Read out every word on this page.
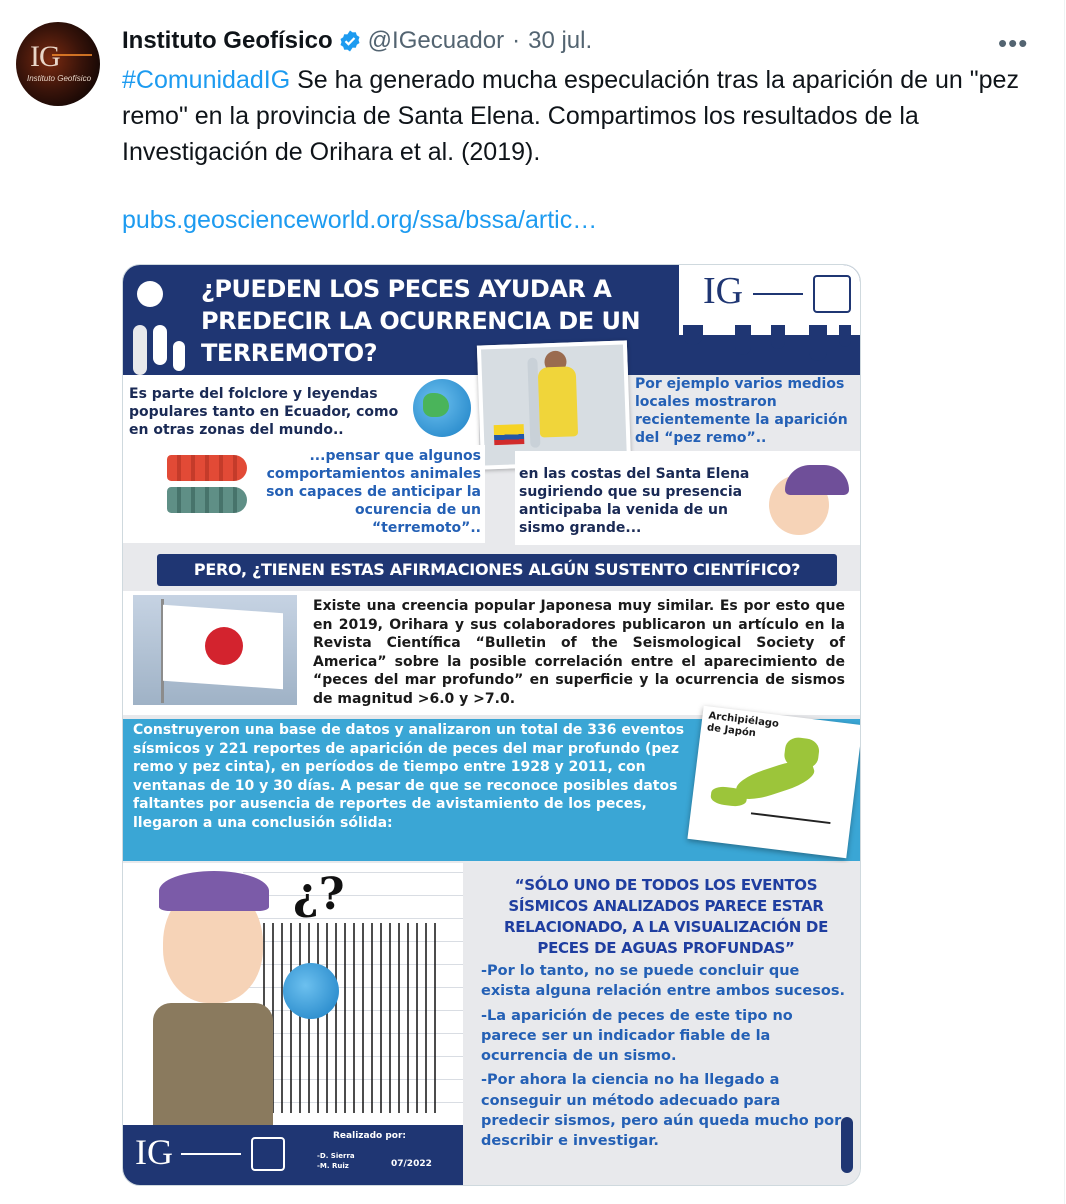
IG
Instituto Geofísico
Instituto Geofísico @IGecuador · 30 jul.	•••
#ComunidadIG Se ha generado mucha especulación tras la aparición de un "pez remo" en la provincia de Santa Elena. Compartimos los resultados de la Investigación de Orihara et al. (2019).
pubs.geoscienceworld.org/ssa/bssa/artic…
IG
¿PUEDEN LOS PECES AYUDAR A PREDECIR LA OCURRENCIA DE UN TERREMOTO?
Es parte del folclore y leyendas populares tanto en Ecuador, como en otras zonas del mundo..
Por ejemplo varios medios locales mostraron recientemente la aparición del “pez remo”..
...pensar que algunos comportamientos animales son capaces de anticipar la ocurencia de un “terremoto”..
en las costas del Santa Elena sugiriendo que su presencia anticipaba la venida de un sismo grande...
PERO, ¿TIENEN ESTAS AFIRMACIONES ALGÚN SUSTENTO CIENTÍFICO?
Existe una creencia popular Japonesa muy similar. Es por esto que en 2019, Orihara y sus colaboradores publicaron un artículo en la Revista Científica “Bulletin of the Seismological Society of America” sobre la posible correlación entre el aparecimiento de “peces del mar profundo” en superficie y la ocurrencia de sismos de magnitud >6.0 y >7.0.
Construyeron una base de datos y analizaron un total de 336 eventos sísmicos y 221 reportes de aparición de peces del mar profundo (pez remo y pez cinta), en períodos de tiempo entre 1928 y 2011, con ventanas de 10 y 30 días. A pesar de que se reconoce posibles datos faltantes por ausencia de reportes de avistamiento de los peces, llegaron a una conclusión sólida:
Archipiélago de Japón
¿?
IG	Realizado por:
-D. Sierra
-M. Ruiz	07/2022
“SÓLO UNO DE TODOS LOS EVENTOS SÍSMICOS ANALIZADOS PARECE ESTAR RELACIONADO, A LA VISUALIZACIÓN DE PECES DE AGUAS PROFUNDAS”

-Por lo tanto, no se puede concluir que exista alguna relación entre ambos sucesos.

-La aparición de peces de este tipo no parece ser un indicador fiable de la ocurrencia de un sismo.

-Por ahora la ciencia no ha llegado a conseguir un método adecuado para predecir sismos, pero aún queda mucho por describir e investigar.
